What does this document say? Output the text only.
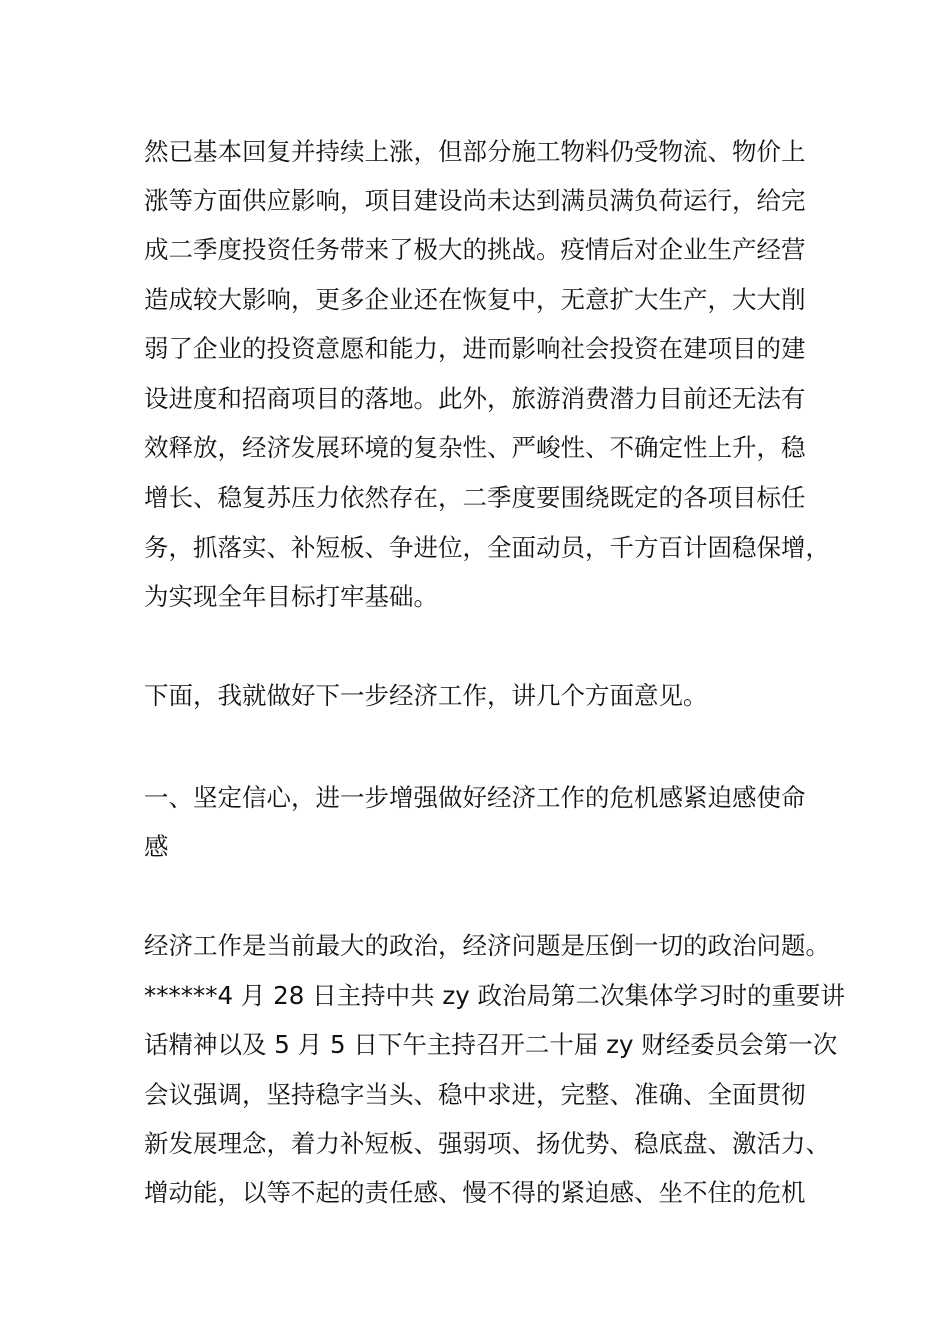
然已基本回复并持续上涨，但部分施工物料仍受物流、物价上
涨等方面供应影响，项目建设尚未达到满员满负荷运行，给完
成二季度投资任务带来了极大的挑战。疫情后对企业生产经营
造成较大影响，更多企业还在恢复中，无意扩大生产，大大削
弱了企业的投资意愿和能力，进而影响社会投资在建项目的建
设进度和招商项目的落地。此外，旅游消费潜力目前还无法有
效释放，经济发展环境的复杂性、严峻性、不确定性上升，稳
增长、稳复苏压力依然存在，二季度要围绕既定的各项目标任
务，抓落实、补短板、争进位，全面动员，千方百计固稳保增，
为实现全年目标打牢基础。
下面，我就做好下一步经济工作，讲几个方面意见。
一、坚定信心，进一步增强做好经济工作的危机感紧迫感使命
感
经济工作是当前最大的政治，经济问题是压倒一切的政治问题。
******4 月 28 日主持中共 zy 政治局第二次集体学习时的重要讲
话精神以及 5 月 5 日下午主持召开二十届 zy 财经委员会第一次
会议强调，坚持稳字当头、稳中求进，完整、准确、全面贯彻
新发展理念，着力补短板、强弱项、扬优势、稳底盘、激活力、
增动能，以等不起的责任感、慢不得的紧迫感、坐不住的危机
